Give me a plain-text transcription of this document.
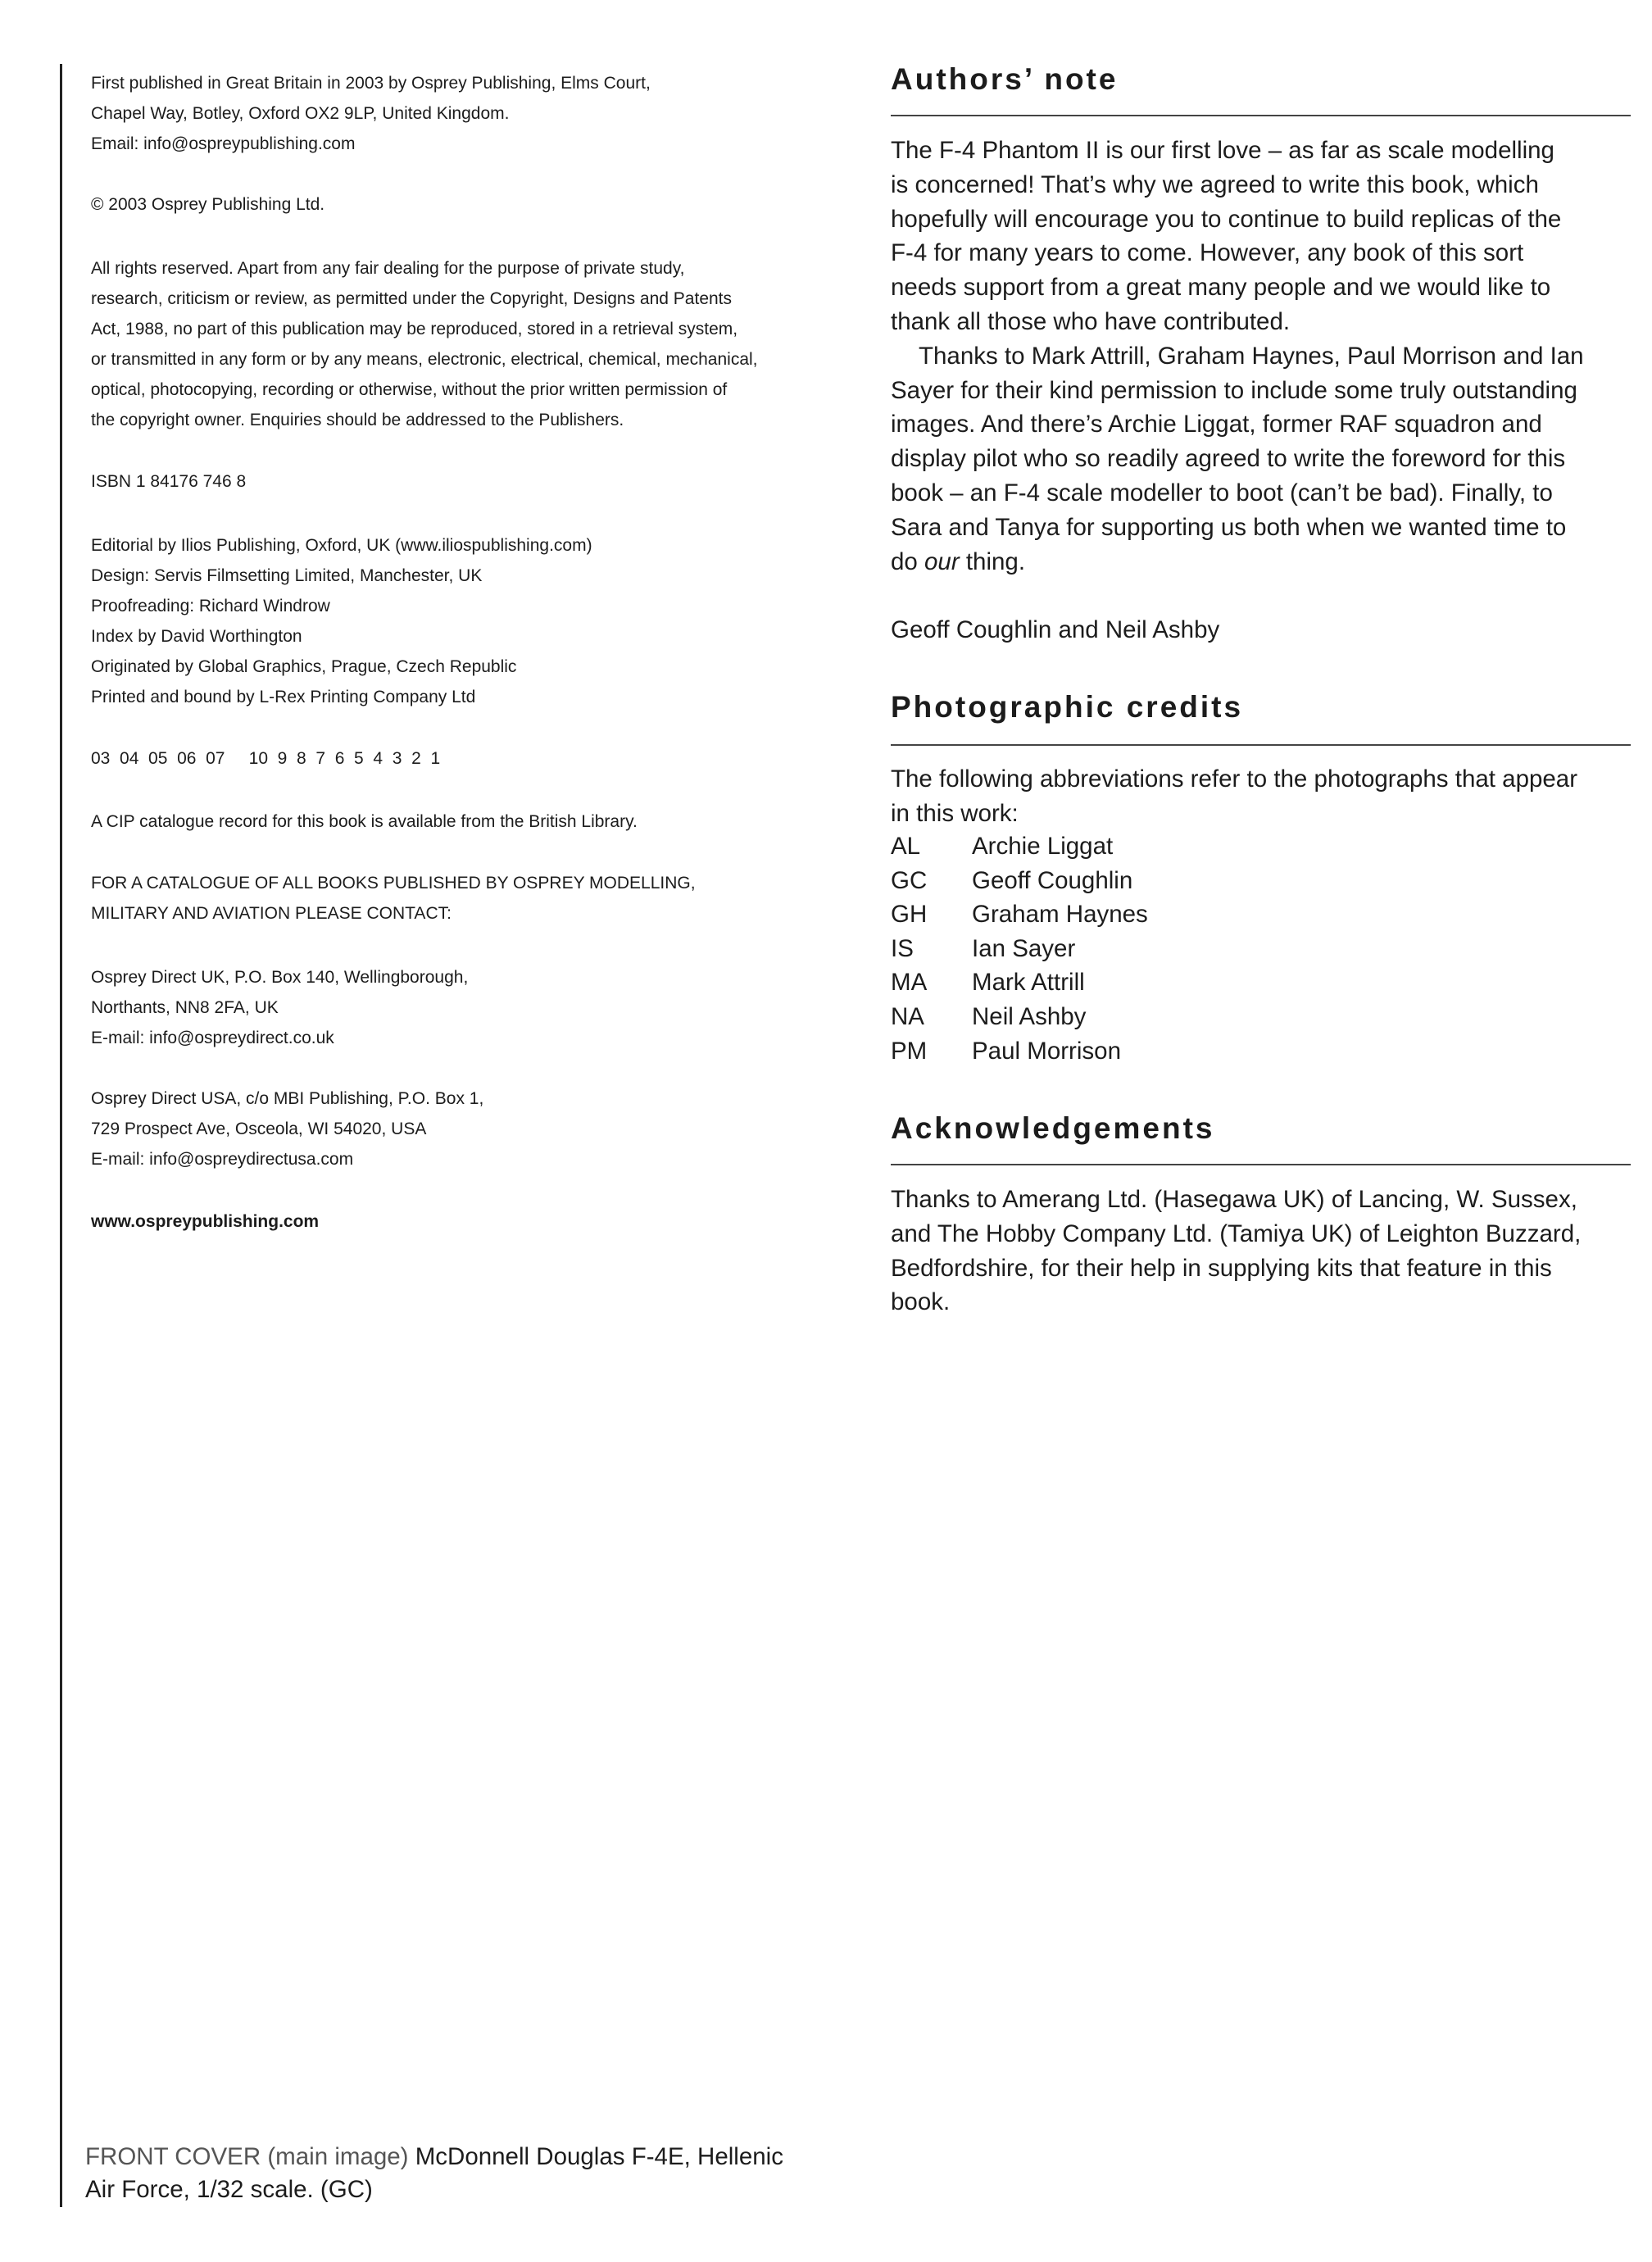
First published in Great Britain in 2003 by Osprey Publishing, Elms Court,
Chapel Way, Botley, Oxford OX2 9LP, United Kingdom.
Email: info@ospreypublishing.com
© 2003 Osprey Publishing Ltd.
All rights reserved. Apart from any fair dealing for the purpose of private study,
research, criticism or review, as permitted under the Copyright, Designs and Patents
Act, 1988, no part of this publication may be reproduced, stored in a retrieval system,
or transmitted in any form or by any means, electronic, electrical, chemical, mechanical,
optical, photocopying, recording or otherwise, without the prior written permission of
the copyright owner. Enquiries should be addressed to the Publishers.
ISBN 1 84176 746 8
Editorial by Ilios Publishing, Oxford, UK (www.iliospublishing.com)
Design: Servis Filmsetting Limited, Manchester, UK
Proofreading: Richard Windrow
Index by David Worthington
Originated by Global Graphics, Prague, Czech Republic
Printed and bound by L-Rex Printing Company Ltd
03  04  05  06  07     10  9  8  7  6  5  4  3  2  1
A CIP catalogue record for this book is available from the British Library.
FOR A CATALOGUE OF ALL BOOKS PUBLISHED BY OSPREY MODELLING,
MILITARY AND AVIATION PLEASE CONTACT:
Osprey Direct UK, P.O. Box 140, Wellingborough,
Northants, NN8 2FA, UK
E-mail: info@ospreydirect.co.uk
Osprey Direct USA, c/o MBI Publishing, P.O. Box 1,
729 Prospect Ave, Osceola, WI 54020, USA
E-mail: info@ospreydirectusa.com
www.ospreypublishing.com
FRONT COVER (main image) McDonnell Douglas F-4E, Hellenic
Air Force, 1/32 scale. (GC)
Authors’ note
The F-4 Phantom II is our first love – as far as scale modelling
is concerned! That’s why we agreed to write this book, which
hopefully will encourage you to continue to build replicas of the
F-4 for many years to come. However, any book of this sort
needs support from a great many people and we would like to
thank all those who have contributed.
Thanks to Mark Attrill, Graham Haynes, Paul Morrison and Ian
Sayer for their kind permission to include some truly outstanding
images. And there’s Archie Liggat, former RAF squadron and
display pilot who so readily agreed to write the foreword for this
book – an F-4 scale modeller to boot (can’t be bad). Finally, to
Sara and Tanya for supporting us both when we wanted time to
do our thing.
Geoff Coughlin and Neil Ashby
Photographic credits
The following abbreviations refer to the photographs that appear
in this work:
AL	Archie Liggat
GC	Geoff Coughlin
GH	Graham Haynes
IS	Ian Sayer
MA	Mark Attrill
NA	Neil Ashby
PM	Paul Morrison
Acknowledgements
Thanks to Amerang Ltd. (Hasegawa UK) of Lancing, W. Sussex,
and The Hobby Company Ltd. (Tamiya UK) of Leighton Buzzard,
Bedfordshire, for their help in supplying kits that feature in this
book.
